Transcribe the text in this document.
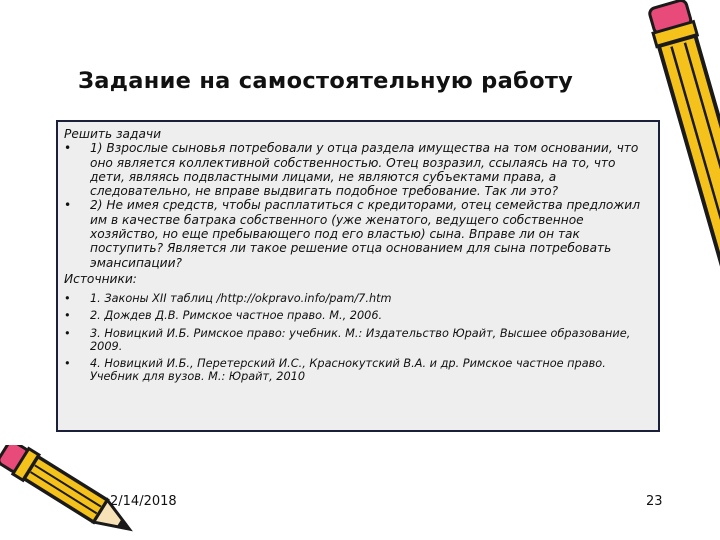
Задание на самостоятельную работу

Решить задачи

• 1) Взрослые сыновья потребовали у отца раздела имущества на том основании, что оно является коллективной собственностью. Отец возразил, ссылаясь на то, что дети, являясь подвластными лицами, не являются субъектами права, а следовательно, не вправе выдвигать подобное требование. Так ли это?
• 2) Не имея средств, чтобы расплатиться с кредиторами, отец семейства предложил им в качестве батрака собственного (уже женатого, ведущего собственное хозяйство, но еще пребывающего под его властью) сына. Вправе ли он так поступить? Является ли такое решение отца основанием для сына потребовать эмансипации?

Источники:

• 1. Законы XII таблиц /http://okpravo.info/pam/7.htm
• 2. Дождев Д.В. Римское частное право. М., 2006.
• 3. Новицкий И.Б. Римское право: учебник. М.: Издательство Юрайт, Высшее образование, 2009.
• 4. Новицкий И.Б., Перетерский И.С., Краснокутский В.А. и др. Римское частное право. Учебник для вузов. М.: Юрайт, 2010
2/14/2018	23
